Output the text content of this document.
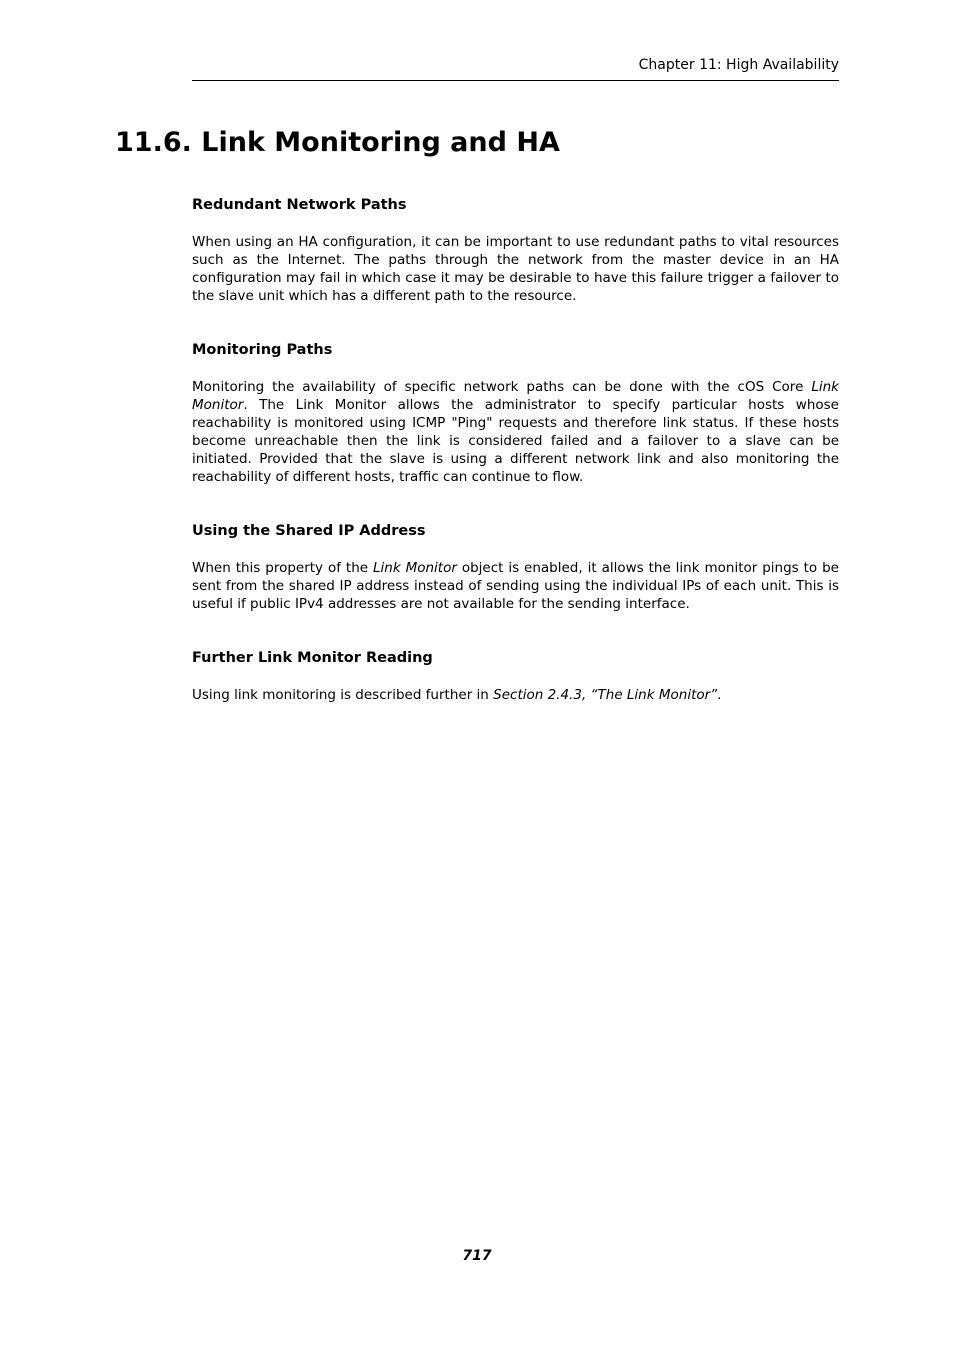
Chapter 11: High Availability
11.6. Link Monitoring and HA
Redundant Network Paths

When using an HA configuration, it can be important to use redundant paths to vital resources such as the Internet. The paths through the network from the master device in an HA configuration may fail in which case it may be desirable to have this failure trigger a failover to the slave unit which has a different path to the resource.

Monitoring Paths

Monitoring the availability of specific network paths can be done with the cOS Core Link Monitor. The Link Monitor allows the administrator to specify particular hosts whose reachability is monitored using ICMP "Ping" requests and therefore link status. If these hosts become unreachable then the link is considered failed and a failover to a slave can be initiated. Provided that the slave is using a different network link and also monitoring the reachability of different hosts, traffic can continue to flow.

Using the Shared IP Address

When this property of the Link Monitor object is enabled, it allows the link monitor pings to be sent from the shared IP address instead of sending using the individual IPs of each unit. This is useful if public IPv4 addresses are not available for the sending interface.

Further Link Monitor Reading

Using link monitoring is described further in Section 2.4.3, “The Link Monitor”.

717
